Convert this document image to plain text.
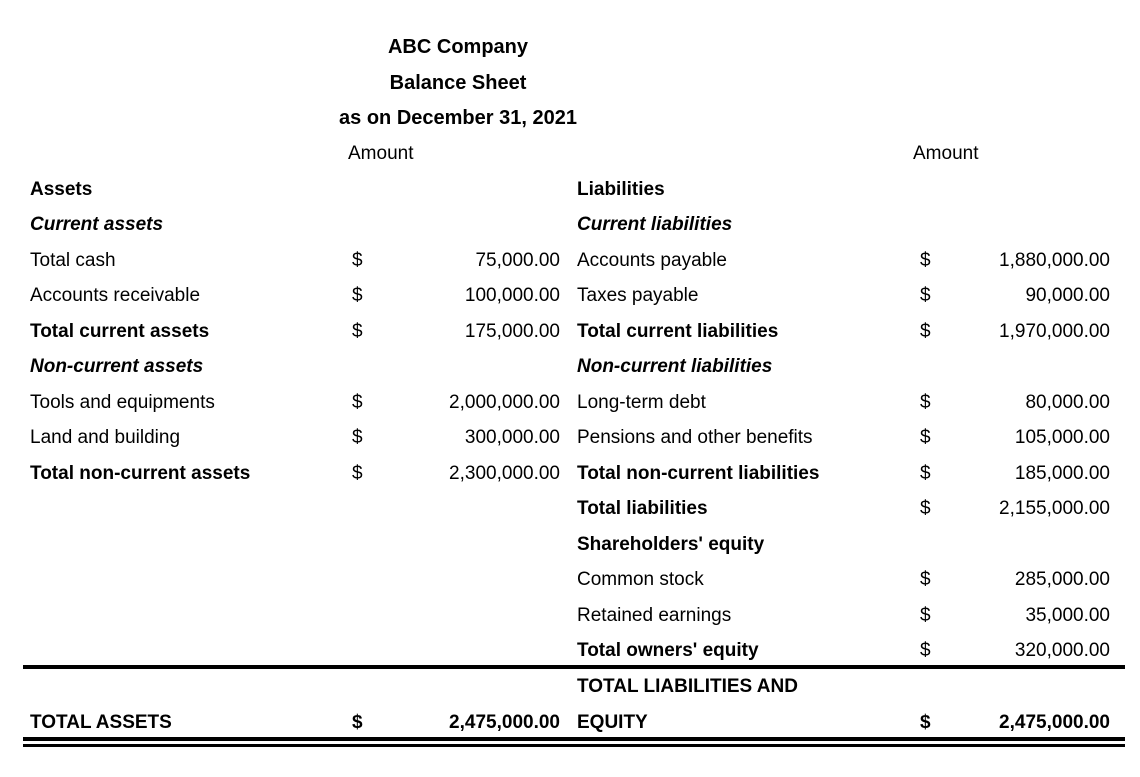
ABC Company
Balance Sheet
as on December 31, 2021
Amount	Amount
Assets	Liabilities
Current assets	Current liabilities
Total cash	$	75,000.00 Accounts payable	$	1,880,000.00
Accounts receivable	$	100,000.00 Taxes payable	$	90,000.00
Total current assets	$	175,000.00 Total current liabilities	$	1,970,000.00
Non-current assets	Non-current liabilities
Tools and equipments	$	2,000,000.00 Long-term debt	$	80,000.00
Land and building	$	300,000.00 Pensions and other benefits	$	105,000.00
Total non-current assets	$	2,300,000.00 Total non-current liabilities	$	185,000.00
Total liabilities	$	2,155,000.00
Shareholders' equity
Common stock	$	285,000.00
Retained earnings	$	35,000.00
Total owners' equity	$	320,000.00
TOTAL ASSETS	$	2,475,000.00
TOTAL LIABILITIES AND EQUITY	$	2,475,000.00
